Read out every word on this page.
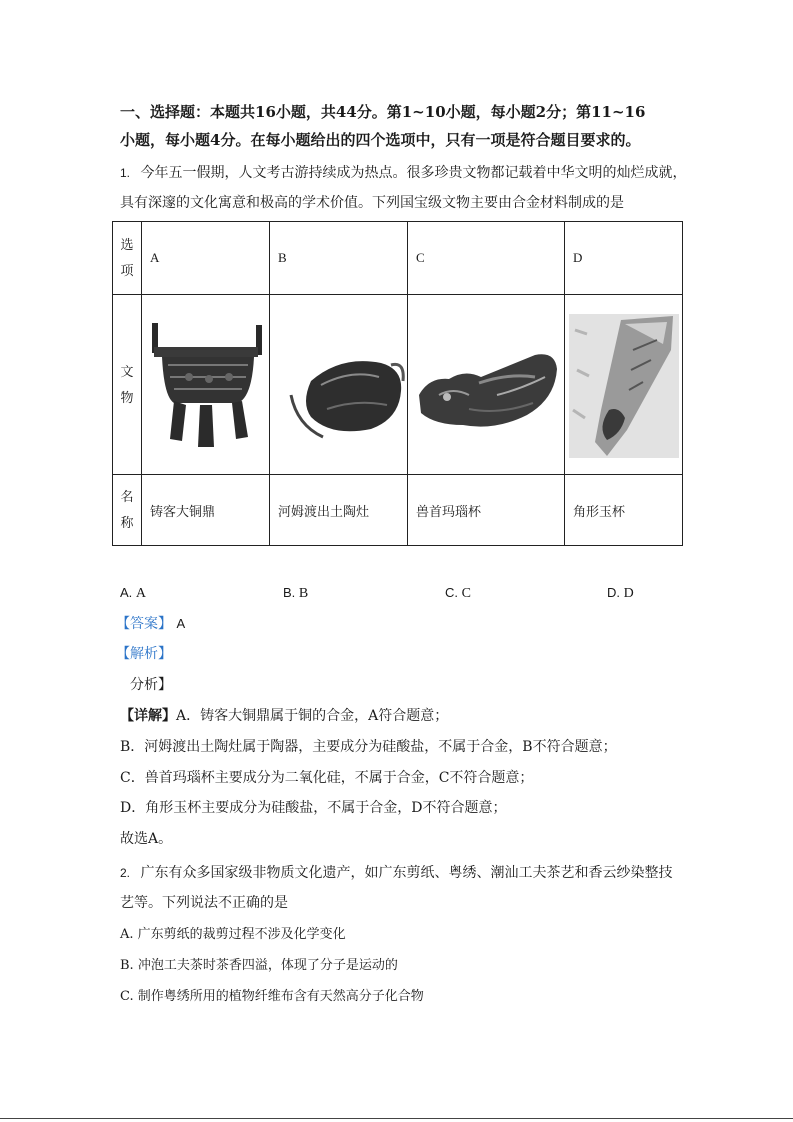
一、选择题：本题共16小题，共44分。第1~10小题，每小题2分；第11~16
小题，每小题4分。在每小题给出的四个选项中，只有一项是符合题目要求的。
1. 今年五一假期，人文考古游持续成为热点。很多珍贵文物都记载着中华文明的灿烂成就，
具有深邃的文化寓意和极高的学术价值。下列国宝级文物主要由合金材料制成的是
选
项	A	B	C	D

文
物

名
称	铸客大铜鼎	河姆渡出土陶灶	兽首玛瑙杯	角形玉杯
A. A	B. B	C. C	D. D
【答案】 A
【解析】
分析】
【详解】A．铸客大铜鼎属于铜的合金，A符合题意；
B．河姆渡出土陶灶属于陶器，主要成分为硅酸盐，不属于合金，B不符合题意；
C．兽首玛瑙杯主要成分为二氧化硅，不属于合金，C不符合题意；
D．角形玉杯主要成分为硅酸盐，不属于合金，D不符合题意；
故选A。
2. 广东有众多国家级非物质文化遗产，如广东剪纸、粤绣、潮汕工夫茶艺和香云纱染整技
艺等。下列说法不正确的是
A. 广东剪纸的裁剪过程不涉及化学变化
B. 冲泡工夫茶时茶香四溢，体现了分子是运动的
C. 制作粤绣所用的植物纤维布含有天然高分子化合物
